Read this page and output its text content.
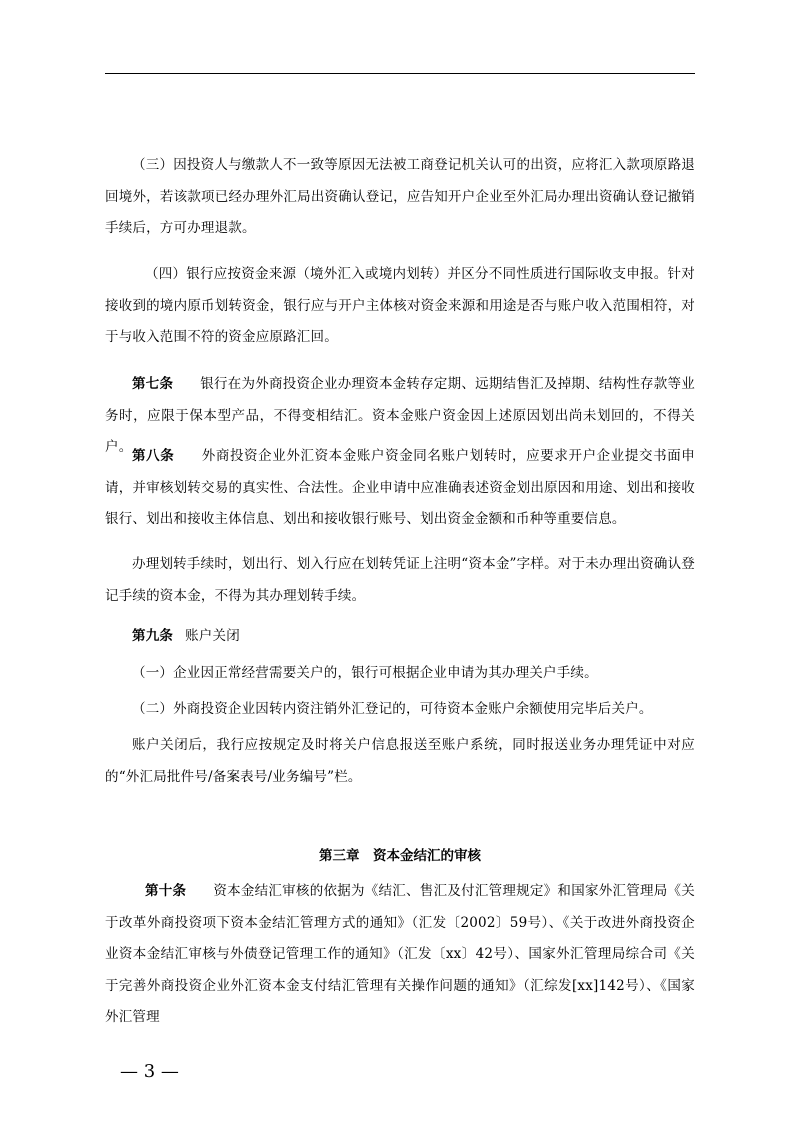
（三）因投资人与缴款人不一致等原因无法被工商登记机关认可的出资，应将汇入款项原路退回境外，若该款项已经办理外汇局出资确认登记，应告知开户企业至外汇局办理出资确认登记撤销手续后，方可办理退款。

（四）银行应按资金来源（境外汇入或境内划转）并区分不同性质进行国际收支申报。针对接收到的境内原币划转资金，银行应与开户主体核对资金来源和用途是否与账户收入范围相符，对于与收入范围不符的资金应原路汇回。

第七条 银行在为外商投资企业办理资本金转存定期、远期结售汇及掉期、结构性存款等业务时，应限于保本型产品，不得变相结汇。资本金账户资金因上述原因划出尚未划回的，不得关户。

第八条 外商投资企业外汇资本金账户资金同名账户划转时，应要求开户企业提交书面申请，并审核划转交易的真实性、合法性。企业申请中应准确表述资金划出原因和用途、划出和接收银行、划出和接收主体信息、划出和接收银行账号、划出资金金额和币种等重要信息。

办理划转手续时，划出行、划入行应在划转凭证上注明“资本金”字样。对于未办理出资确认登记手续的资本金，不得为其办理划转手续。

第九条 账户关闭

（一）企业因正常经营需要关户的，银行可根据企业申请为其办理关户手续。

（二）外商投资企业因转内资注销外汇登记的，可待资本金账户余额使用完毕后关户。

账户关闭后，我行应按规定及时将关户信息报送至账户系统，同时报送业务办理凭证中对应的“外汇局批件号/备案表号/业务编号”栏。

第三章　资本金结汇的审核

第十条 资本金结汇审核的依据为《结汇、售汇及付汇管理规定》和国家外汇管理局《关于改革外商投资项下资本金结汇管理方式的通知》（汇发〔2002〕59号）、《关于改进外商投资企业资本金结汇审核与外债登记管理工作的通知》（汇发〔xx〕42号）、国家外汇管理局综合司《关于完善外商投资企业外汇资本金支付结汇管理有关操作问题的通知》（汇综发[xx]142号）、《国家外汇管理

— 3 —
